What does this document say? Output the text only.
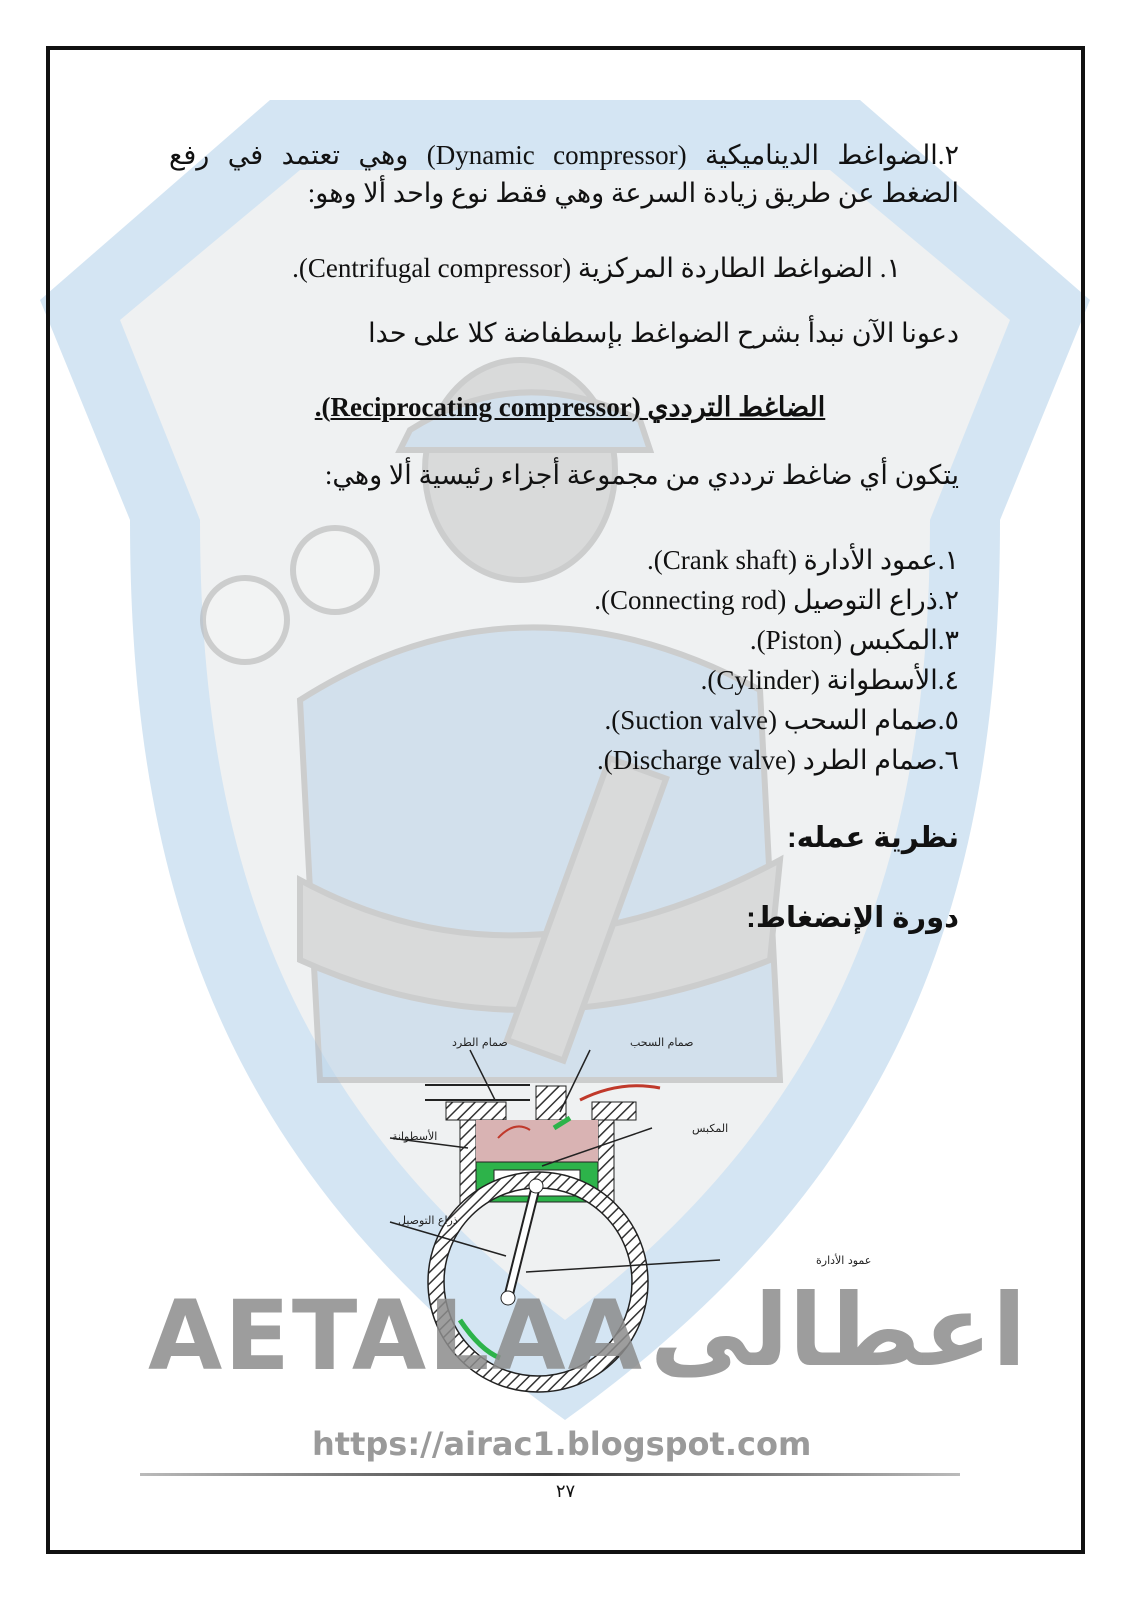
٢.الضواغط الديناميكية (Dynamic compressor) وهي تعتمد في رفع الضغط عن طريق زيادة السرعة وهي فقط نوع واحد ألا وهو:
١. الضواغط الطاردة المركزية (Centrifugal compressor).
دعونا الآن نبدأ بشرح الضواغط بإسطفاضة كلا على حدا
الضاغط الترددي (Reciprocating compressor).
يتكون أي ضاغط ترددي من مجموعة أجزاء رئيسية ألا وهي:
١.عمود الأدارة (Crank shaft).
٢.ذراع التوصيل (Connecting rod).
٣.المكبس (Piston).
٤.الأسطوانة (Cylinder).
٥.صمام السحب (Suction valve).
٦.صمام الطرد (Discharge valve).
نظرية عمله:
دورة الإنضغاط:
صمام الطرد	صمام السحب
الأسطوانة
المكبس
ذراع التوصيل
عمود الأدارة
AETALAA اعطالى
https://airac1.blogspot.com
٢٧
